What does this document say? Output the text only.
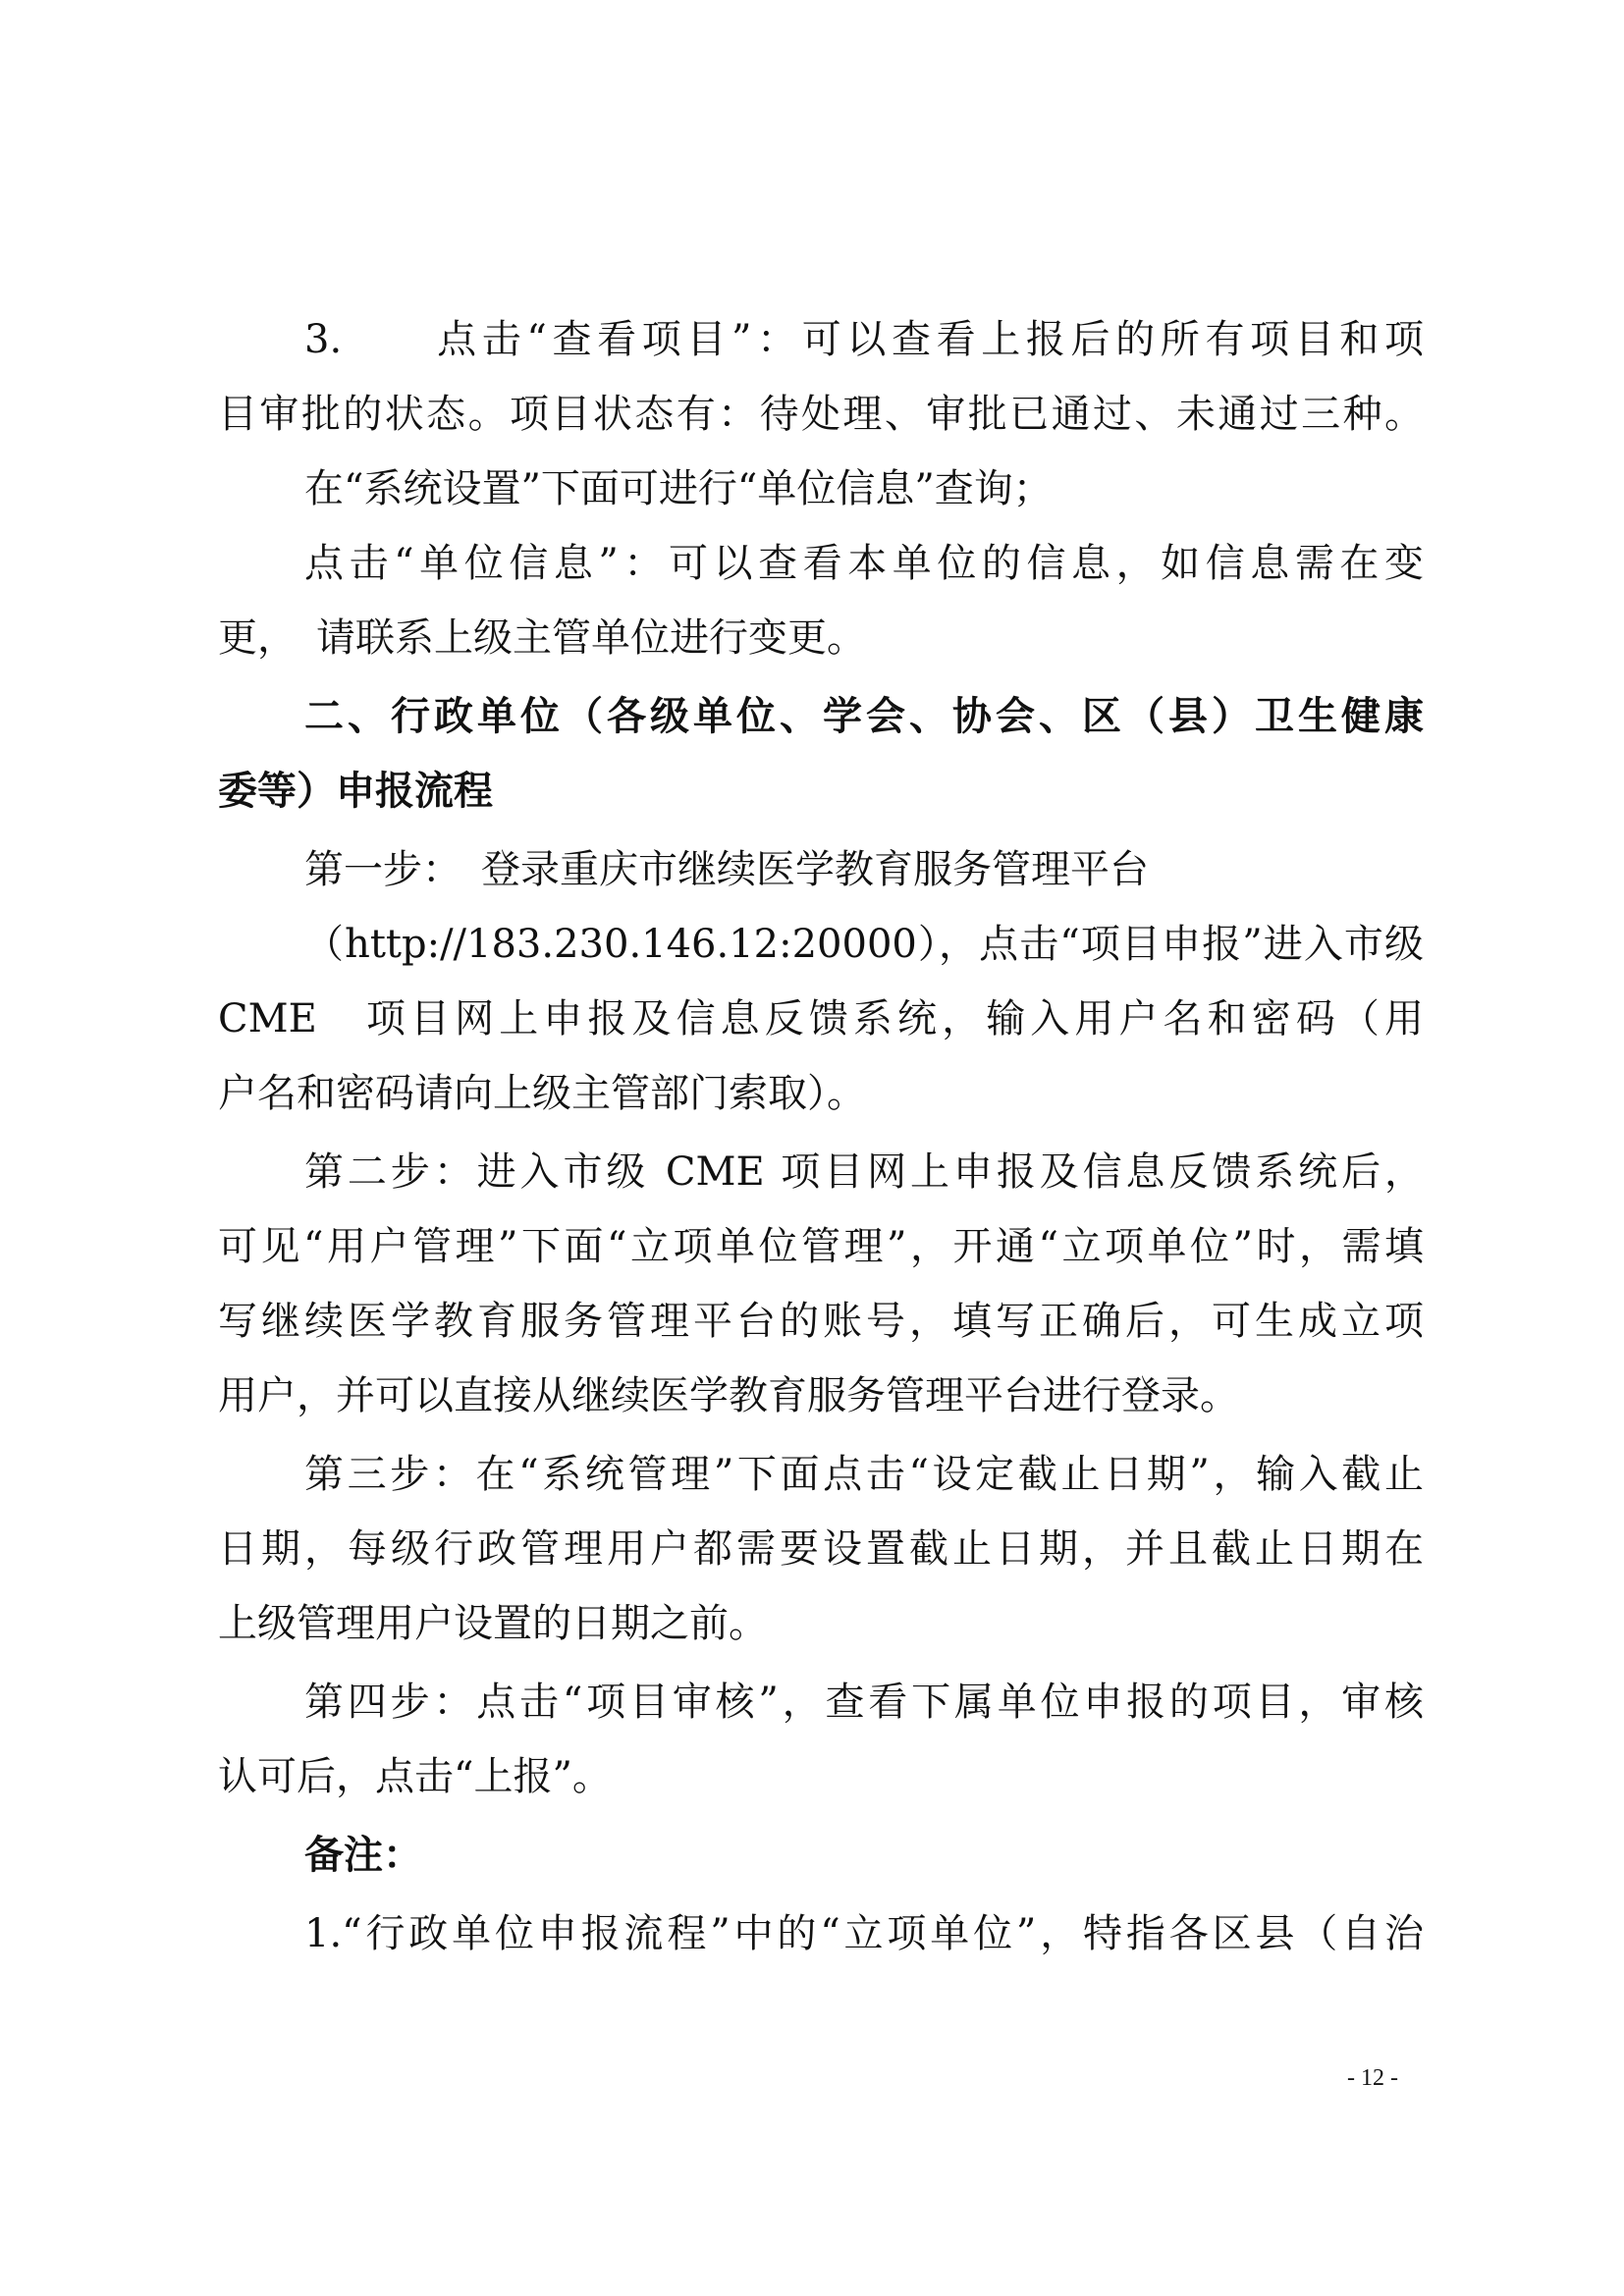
3.　　点击“查看项目”：可以查看上报后的所有项目和项
目审批的状态。项目状态有：待处理、审批已通过、未通过三种。
在“系统设置”下面可进行“单位信息”查询；
点击“单位信息”：可以查看本单位的信息，如信息需在变
更，　请联系上级主管单位进行变更。
二、行政单位（各级单位、学会、协会、区（县）卫生健康
委等）申报流程
第一步：　登录重庆市继续医学教育服务管理平台
（http://183.230.146.12:20000），点击“项目申报”进入市级
CME　项目网上申报及信息反馈系统，输入用户名和密码（用
户名和密码请向上级主管部门索取）。
第二步：进入市级 CME 项目网上申报及信息反馈系统后，
可见“用户管理”下面“立项单位管理”，开通“立项单位”时，需填
写继续医学教育服务管理平台的账号，填写正确后，可生成立项
用户，并可以直接从继续医学教育服务管理平台进行登录。
第三步：在“系统管理”下面点击“设定截止日期”，输入截止
日期，每级行政管理用户都需要设置截止日期，并且截止日期在
上级管理用户设置的日期之前。
第四步：点击“项目审核”，查看下属单位申报的项目，审核
认可后，点击“上报”。
备注：
1.“行政单位申报流程”中的“立项单位”，特指各区县（自治
- 12 -
